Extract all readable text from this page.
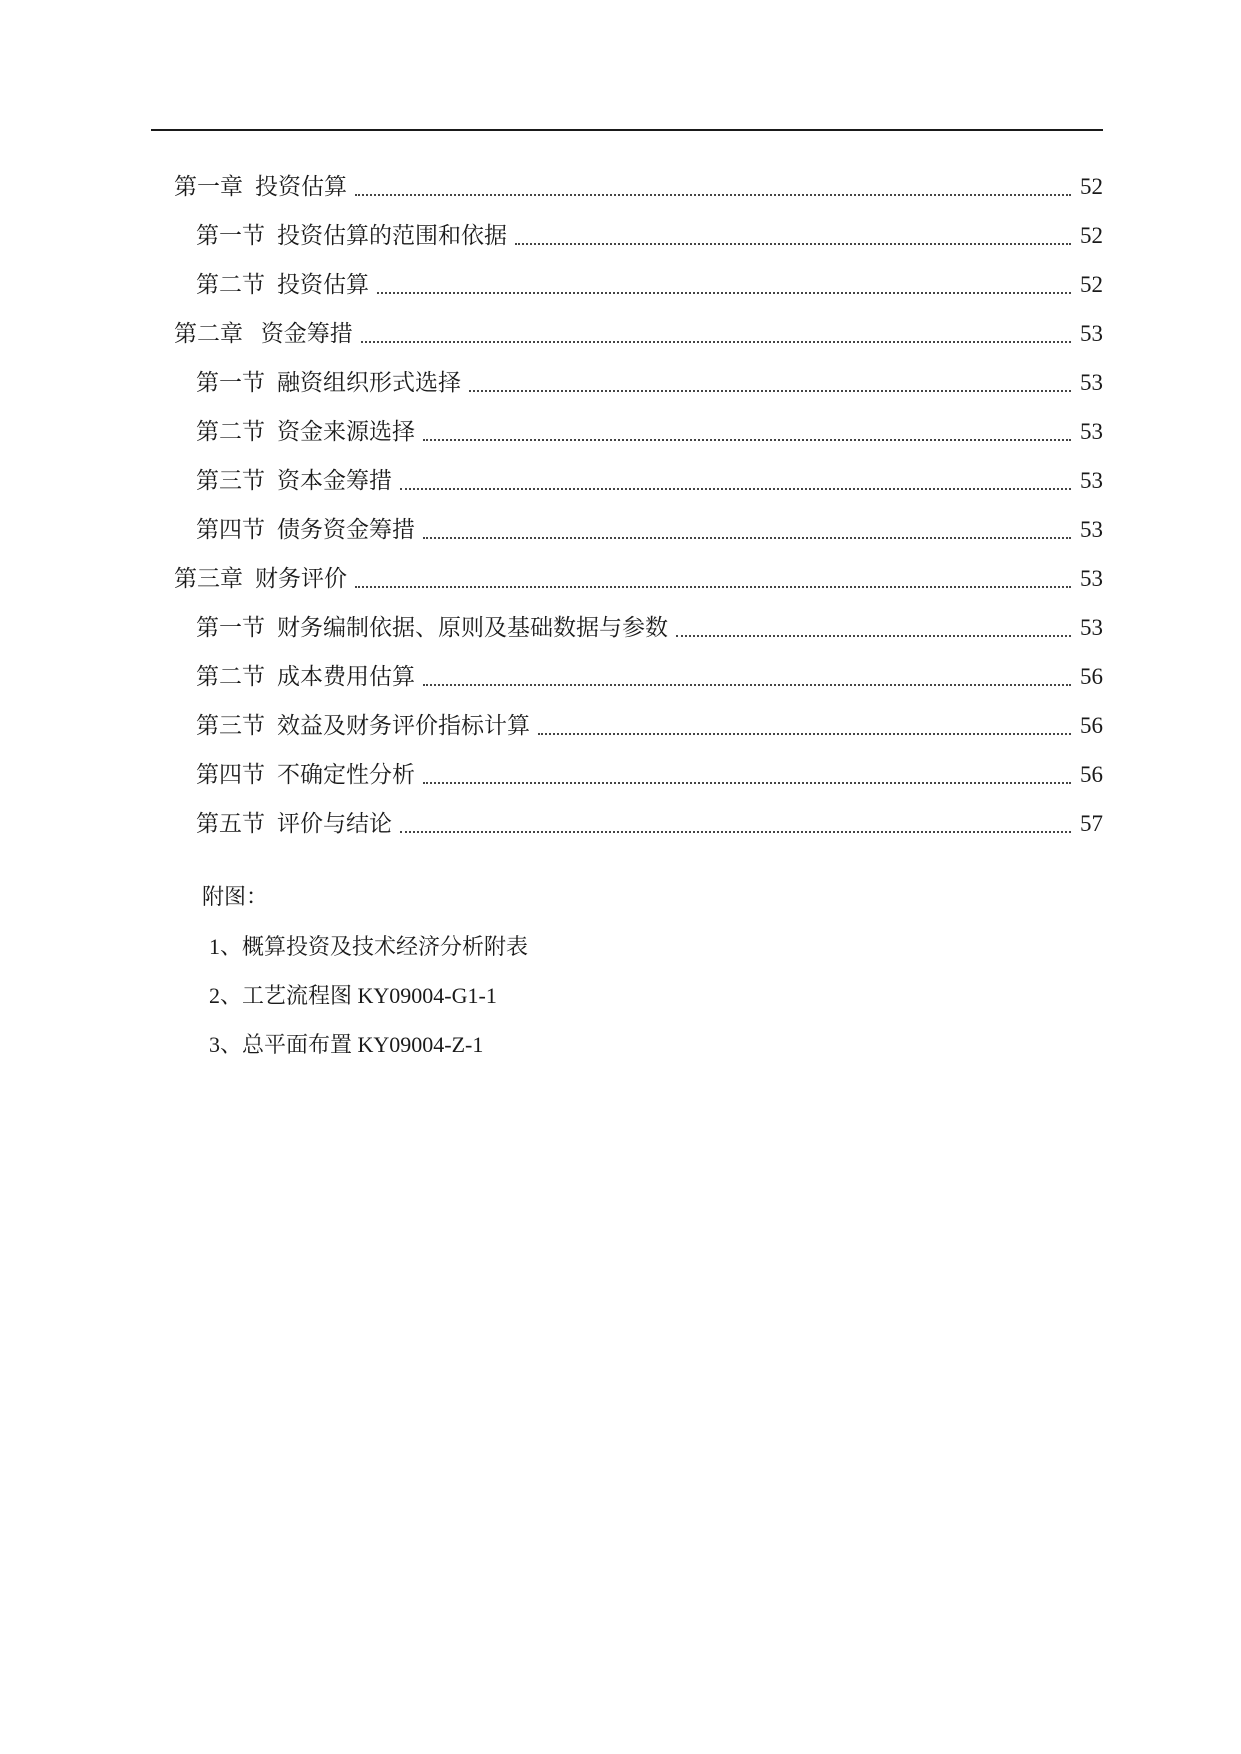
第一章 投资估算	52
第一节 投资估算的范围和依据	52
第二节 投资估算	52
第二章 资金筹措	53
第一节 融资组织形式选择	53
第二节 资金来源选择	53
第三节 资本金筹措	53
第四节 债务资金筹措	53
第三章 财务评价	53
第一节 财务编制依据、原则及基础数据与参数	53
第二节 成本费用估算	56
第三节 效益及财务评价指标计算	56
第四节 不确定性分析	56
第五节 评价与结论	57
附图：
1、概算投资及技术经济分析附表
2、工艺流程图 KY09004-G1-1
3、总平面布置 KY09004-Z-1
